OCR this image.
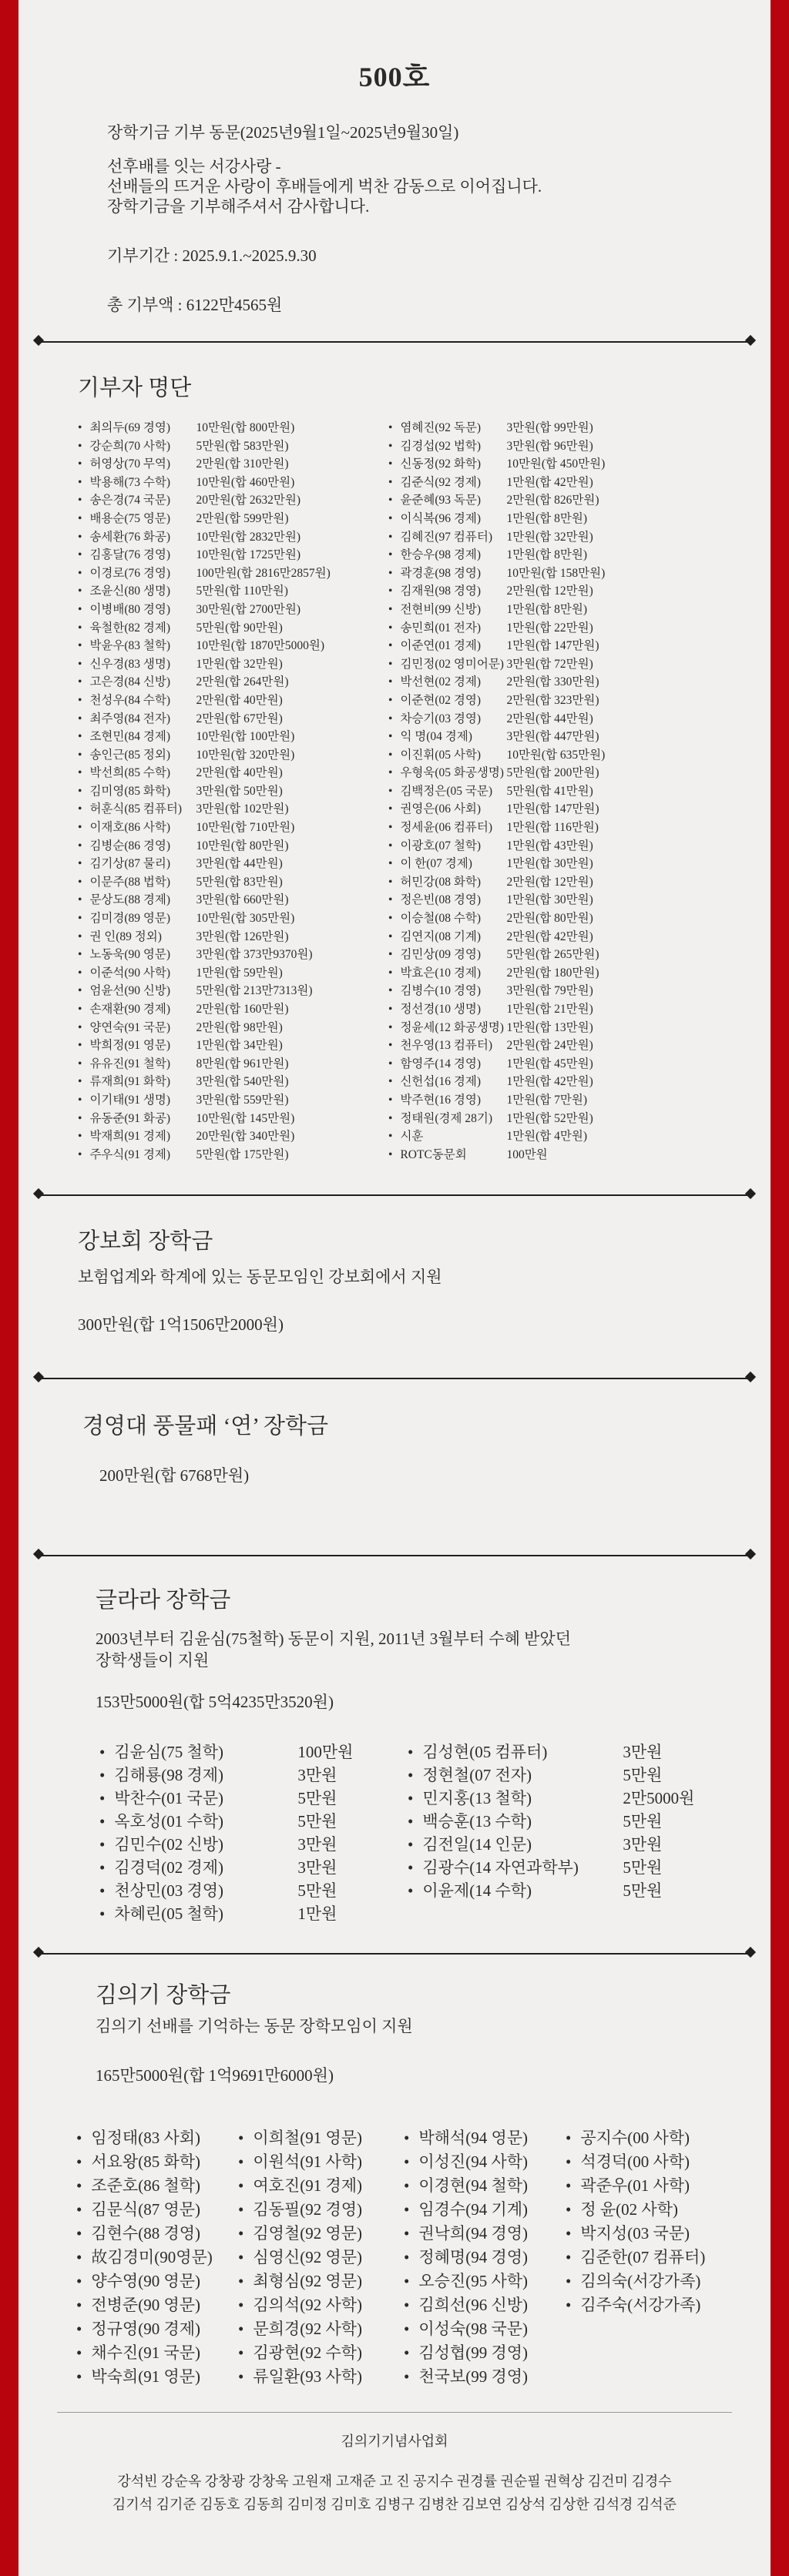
500호

장학기금 기부 동문(2025년9월1일~2025년9월30일)

선후배를 잇는 서강사랑 -
선배들의 뜨거운 사랑이 후배들에게 벅찬 감동으로 이어집니다.
장학기금을 기부해주셔서 감사합니다.

기부기간 : 2025.9.1.~2025.9.30

총 기부액 : 6122만4565원

기부자 명단
• 최의두(69 경영) 10만원(합 800만원)
• 강순희(70 사학) 5만원(합 583만원)
• 허영상(70 무역) 2만원(합 310만원)
• 박용해(73 수학) 10만원(합 460만원)
• 송은경(74 국문) 20만원(합 2632만원)
• 배용순(75 영문) 2만원(합 599만원)
• 송세환(76 화공) 10만원(합 2832만원)
• 김홍달(76 경영) 10만원(합 1725만원)
• 이경로(76 경영) 100만원(합 2816만2857원)
• 조윤신(80 생명) 5만원(합 110만원)
• 이병배(80 경영) 30만원(합 2700만원)
• 육철한(82 경제) 5만원(합 90만원)
• 박윤우(83 철학) 10만원(합 1870만5000원)
• 신우경(83 생명) 1만원(합 32만원)
• 고은경(84 신방) 2만원(합 264만원)
• 천성우(84 수학) 2만원(합 40만원)
• 최주영(84 전자) 2만원(합 67만원)
• 조현민(84 경제) 10만원(합 100만원)
• 송인근(85 정외) 10만원(합 320만원)
• 박선희(85 수학) 2만원(합 40만원)
• 김미영(85 화학) 3만원(합 50만원)
• 허훈식(85 컴퓨터) 3만원(합 102만원)
• 이재호(86 사학) 10만원(합 710만원)
• 김병순(86 경영) 10만원(합 80만원)
• 김기상(87 물리) 3만원(합 44만원)
• 이문주(88 법학) 5만원(합 83만원)
• 문상도(88 경제) 3만원(합 660만원)
• 김미경(89 영문) 10만원(합 305만원)
• 권 인(89 정외)	3만원(합 126만원)
• 노동욱(90 영문) 3만원(합 373만9370원)
• 이준석(90 사학) 1만원(합 59만원)
• 엄윤선(90 신방) 5만원(합 213만7313원)
• 손재환(90 경제) 2만원(합 160만원)
• 양연숙(91 국문) 2만원(합 98만원)
• 박희정(91 영문) 1만원(합 34만원)
• 유유진(91 철학) 8만원(합 961만원)
• 류재희(91 화학) 3만원(합 540만원)
• 이기태(91 생명) 3만원(합 559만원)
• 유동준(91 화공) 10만원(합 145만원)
• 박재희(91 경제) 20만원(합 340만원)
• 주우식(91 경제) 5만원(합 175만원)
• 염혜진(92 독문) 3만원(합 99만원)
• 김경섭(92 법학) 3만원(합 96만원)
• 신동정(92 화학) 10만원(합 450만원)
• 김준식(92 경제) 1만원(합 42만원)
• 윤준혜(93 독문) 2만원(합 826만원)
• 이식복(96 경제) 1만원(합 8만원)
• 김혜진(97 컴퓨터) 1만원(합 32만원)
• 한승우(98 경제) 1만원(합 8만원)
• 곽경훈(98 경영) 10만원(합 158만원)
• 김재원(98 경영) 2만원(합 12만원)
• 전현비(99 신방) 1만원(합 8만원)
• 송민희(01 전자) 1만원(합 22만원)
• 이준연(01 경제) 1만원(합 147만원)
• 김민정(02 영미어문) 3만원(합 72만원)
• 박선현(02 경제) 2만원(합 330만원)
• 이준현(02 경영) 2만원(합 323만원)
• 차승기(03 경영) 2만원(합 44만원)
• 익 명(04 경제)	3만원(합 447만원)
• 이진휘(05 사학) 10만원(합 635만원)
• 우형욱(05 화공생명) 5만원(합 200만원)
• 김백정은(05 국문) 5만원(합 41만원)
• 권영은(06 사회) 1만원(합 147만원)
• 정세윤(06 컴퓨터) 1만원(합 116만원)
• 이광호(07 철학) 1만원(합 43만원)
• 이 한(07 경제)	1만원(합 30만원)
• 허민강(08 화학) 2만원(합 12만원)
• 정은빈(08 경영) 1만원(합 30만원)
• 이승철(08 수학) 2만원(합 80만원)
• 김연지(08 기계) 2만원(합 42만원)
• 김민상(09 경영) 5만원(합 265만원)
• 박효은(10 경제) 2만원(합 180만원)
• 김병수(10 경영) 3만원(합 79만원)
• 정선경(10 생명) 1만원(합 21만원)
• 정윤세(12 화공생명) 1만원(합 13만원)
• 천우영(13 컴퓨터) 2만원(합 24만원)
• 함영주(14 경영) 1만원(합 45만원)
• 신헌섭(16 경제) 1만원(합 42만원)
• 박주현(16 경영) 1만원(합 7만원)
• 정태원(경제 28기) 1만원(합 52만원)
• 시훈	1만원(합 4만원)
• ROTC동문회	100만원
강보회 장학금
보험업계와 학계에 있는 동문모임인 강보회에서 지원
300만원(합 1억1506만2000원)
경영대 풍물패 ‘연’ 장학금
200만원(합 6768만원)
글라라 장학금
2003년부터 김윤심(75철학) 동문이 지원, 2011년 3월부터 수혜 받았던
장학생들이 지원
153만5000원(합 5억4235만3520원)
• 김윤심(75 철학)	100만원	• 김성현(05 컴퓨터)	3만원
• 김해룡(98 경제)	3만원	• 정현철(07 전자)	5만원
• 박찬수(01 국문)	5만원	• 민지홍(13 철학)	2만5000원
• 옥호성(01 수학)	5만원	• 백승훈(13 수학)	5만원
• 김민수(02 신방)	3만원	• 김전일(14 인문)	3만원
• 김경덕(02 경제)	3만원	• 김광수(14 자연과학부)	5만원
• 천상민(03 경영)	5만원	• 이윤제(14 수학)	5만원
• 차혜린(05 철학)	1만원
김의기 장학금
김의기 선배를 기억하는 동문 장학모임이 지원
165만5000원(합 1억9691만6000원)
• 임정태(83 사회)	• 이희철(91 영문)	• 박해석(94 영문)	• 공지수(00 사학)
• 서요왕(85 화학)	• 이원석(91 사학)	• 이성진(94 사학)	• 석경덕(00 사학)
• 조준호(86 철학)	• 여호진(91 경제)	• 이경현(94 철학)	• 곽준우(01 사학)
• 김문식(87 영문)	• 김동필(92 경영)	• 임경수(94 기계)	• 정 윤(02 사학)
• 김현수(88 경영)	• 김영철(92 영문)	• 권낙희(94 경영)	• 박지성(03 국문)
• 故김경미(90영문)	• 심영신(92 영문)	• 정혜명(94 경영)	• 김준한(07 컴퓨터)
• 양수영(90 영문)	• 최형심(92 영문)	• 오승진(95 사학)	• 김의숙(서강가족)
• 전병준(90 영문)	• 김의석(92 사학)	• 김희선(96 신방)	• 김주숙(서강가족)
• 정규영(90 경제)	• 문희경(92 사학)	• 이성숙(98 국문)
• 채수진(91 국문)	• 김광현(92 수학)	• 김성협(99 경영)
• 박숙희(91 영문)	• 류일환(93 사학)	• 천국보(99 경영)
김의기기념사업회
강석빈 강순옥 강창광 강창욱 고원재 고재준 고 진 공지수 권경률 권순필 권혁상 김건미 김경수
김기석 김기준 김동호 김동희 김미정 김미호 김병구 김병찬 김보연 김상석 김상한 김석경 김석준
